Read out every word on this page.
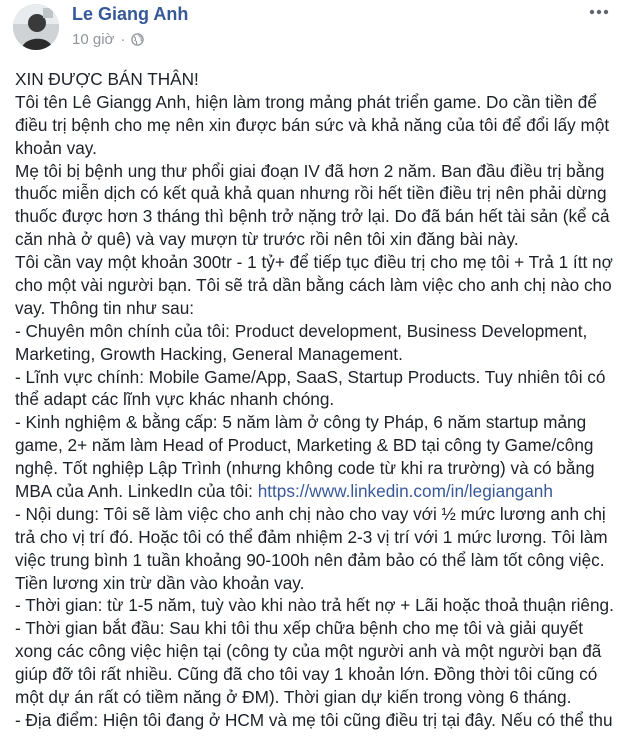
Le Giang Anh
10 giờ ·
XIN ĐƯỢC BÁN THÂN!
Tôi tên Lê Giangg Anh, hiện làm trong mảng phát triển game. Do cần tiền để
điều trị bệnh cho mẹ nên xin được bán sức và khả năng của tôi để đổi lấy một
khoản vay.
Mẹ tôi bị bệnh ung thư phổi giai đoạn IV đã hơn 2 năm. Ban đầu điều trị bằng
thuốc miễn dịch có kết quả khả quan nhưng rồi hết tiền điều trị nên phải dừng
thuốc được hơn 3 tháng thì bệnh trở nặng trở lại. Do đã bán hết tài sản (kể cả
căn nhà ở quê) và vay mượn từ trước rồi nên tôi xin đăng bài này.
Tôi cần vay một khoản 300tr - 1 tỷ+ để tiếp tục điều trị cho mẹ tôi + Trả 1 ítt nợ
cho một vài người bạn. Tôi sẽ trả dần bằng cách làm việc cho anh chị nào cho
vay. Thông tin như sau:
- Chuyên môn chính của tôi: Product development, Business Development,
Marketing, Growth Hacking, General Management.
- Lĩnh vực chính: Mobile Game/App, SaaS, Startup Products. Tuy nhiên tôi có
thể adapt các lĩnh vực khác nhanh chóng.
- Kinh nghiệm & bằng cấp: 5 năm làm ở công ty Pháp, 6 năm startup mảng
game, 2+ năm làm Head of Product, Marketing & BD tại công ty Game/công
nghệ. Tốt nghiệp Lập Trình (nhưng không code từ khi ra trường) và có bằng
MBA của Anh. LinkedIn của tôi: https://www.linkedin.com/in/legianganh
- Nội dung: Tôi sẽ làm việc cho anh chị nào cho vay với ½ mức lương anh chị
trả cho vị trí đó. Hoặc tôi có thể đảm nhiệm 2-3 vị trí với 1 mức lương. Tôi làm
việc trung bình 1 tuần khoảng 90-100h nên đảm bảo có thể làm tốt công việc.
Tiền lương xin trừ dần vào khoản vay.
- Thời gian: từ 1-5 năm, tuỳ vào khi nào trả hết nợ + Lãi hoặc thoả thuận riêng.
- Thời gian bắt đầu: Sau khi tôi thu xếp chữa bệnh cho mẹ tôi và giải quyết
xong các công việc hiện tại (công ty của một người anh và một người bạn đã
giúp đỡ tôi rất nhiều. Cũng đã cho tôi vay 1 khoản lớn. Đồng thời tôi cũng có
một dự án rất có tiềm năng ở ĐM). Thời gian dự kiến trong vòng 6 tháng.
- Địa điểm: Hiện tôi đang ở HCM và mẹ tôi cũng điều trị tại đây. Nếu có thể thu
